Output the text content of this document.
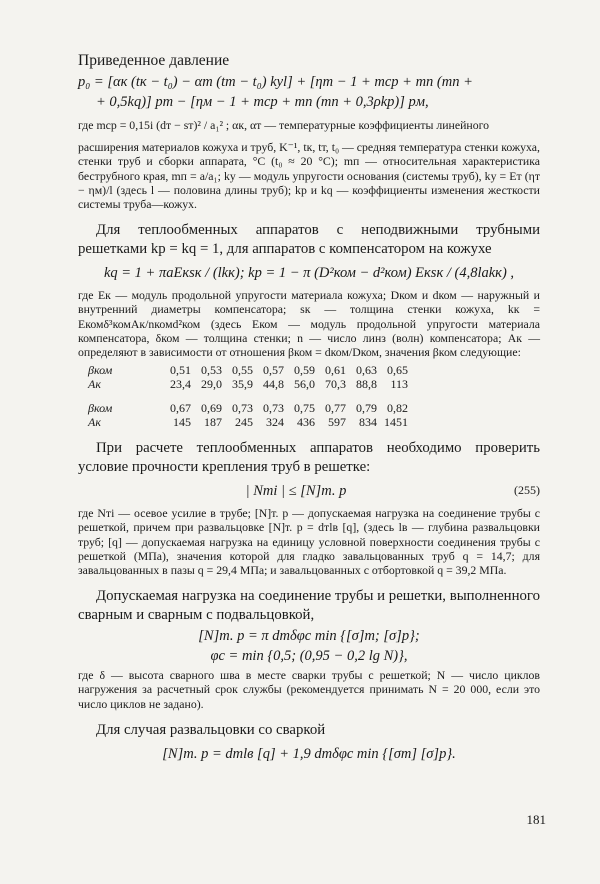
Приведенное давление
p₀ = [αк (tк − t₀) − αт (tт − t₀) kуl] + [ηт − 1 + mср + mп (mп +
+ 0,5kq)] pт − [ηм − 1 + mср + mп (mп + 0,3ρkp)] pм,
где mср = 0,15i (dт − sт)² / a₁² ; αк, αт — температурные коэффициенты линейного
расширения материалов кожуха и труб, K⁻¹, tк, tт, t₀ — средняя температура стенки кожуха, стенки труб и сборки аппарата, °C (t₀ ≈ 20 °C); mп — относительная характеристика беструбного края, mп = a/a₁; kу — модуль упругости основания (системы труб), kу = Eт (ηт − ηм)/l (здесь l — половина длины труб); kp и kq — коэффициенты изменения жесткости системы труба—кожух.
Для теплообменных аппаратов с неподвижными трубными решетками kp = kq = 1, для аппаратов с компенсатором на кожухе
kq = 1 + πaEкsк / (lkк); kp = 1 − π (D²ком − d²ком) Eкsк / (4,8lakк) ,
где Eк — модуль продольной упругости материала кожуха; Dком и dком — наружный и внутренний диаметры компенсатора; sк — толщина стенки кожуха, kк = Eкомδ³комAк/nкомd²ком (здесь Eком — модуль продольной упругости материала компенсатора, δком — толщина стенки; n — число линз (волн) компенсатора; Aк — определяют в зависимости от отношения βком = dком/Dком, значения βком следующие:
βком	0,51	0,53	0,55	0,57	0,59	0,61	0,63	0,65
Aк	23,4	29,0	35,9	44,8	56,0	70,3	88,8	113

βком	0,67	0,69	0,73	0,73	0,75	0,77	0,79	0,82
Aк	145	187	245	324	436	597	834	1451
При расчете теплообменных аппаратов необходимо проверить условие прочности крепления труб в решетке:
| Nтi | ≤ [N]т. р	(255)
где Nтi — осевое усилие в трубе; [N]т. р — допускаемая нагрузка на соединение трубы с решеткой, причем при развальцовке [N]т. р = dтlв [q], (здесь lв — глубина развальцовки труб; [q] — допускаемая нагрузка на единицу условной поверхности соединения трубы с решеткой (МПа), значения которой для гладко завальцованных труб q = 14,7; для завальцованных в пазы q = 29,4 МПа; и завальцованных с отбортовкой q = 39,2 МПа.
Допускаемая нагрузка на соединение трубы и решетки, выполненного сварным и сварным с подвальцовкой,
[N]т. р = π dтδφс min {[σ]т; [σ]р};
φс = min {0,5; (0,95 − 0,2 lg N)},
где δ — высота сварного шва в месте сварки трубы с решеткой; N — число циклов нагружения за расчетный срок службы (рекомендуется принимать N = 20 000, если это число циклов не задано).
Для случая развальцовки со сваркой
[N]т. р = dтlв [q] + 1,9 dтδφс min {[σт] [σ]р}.
181
